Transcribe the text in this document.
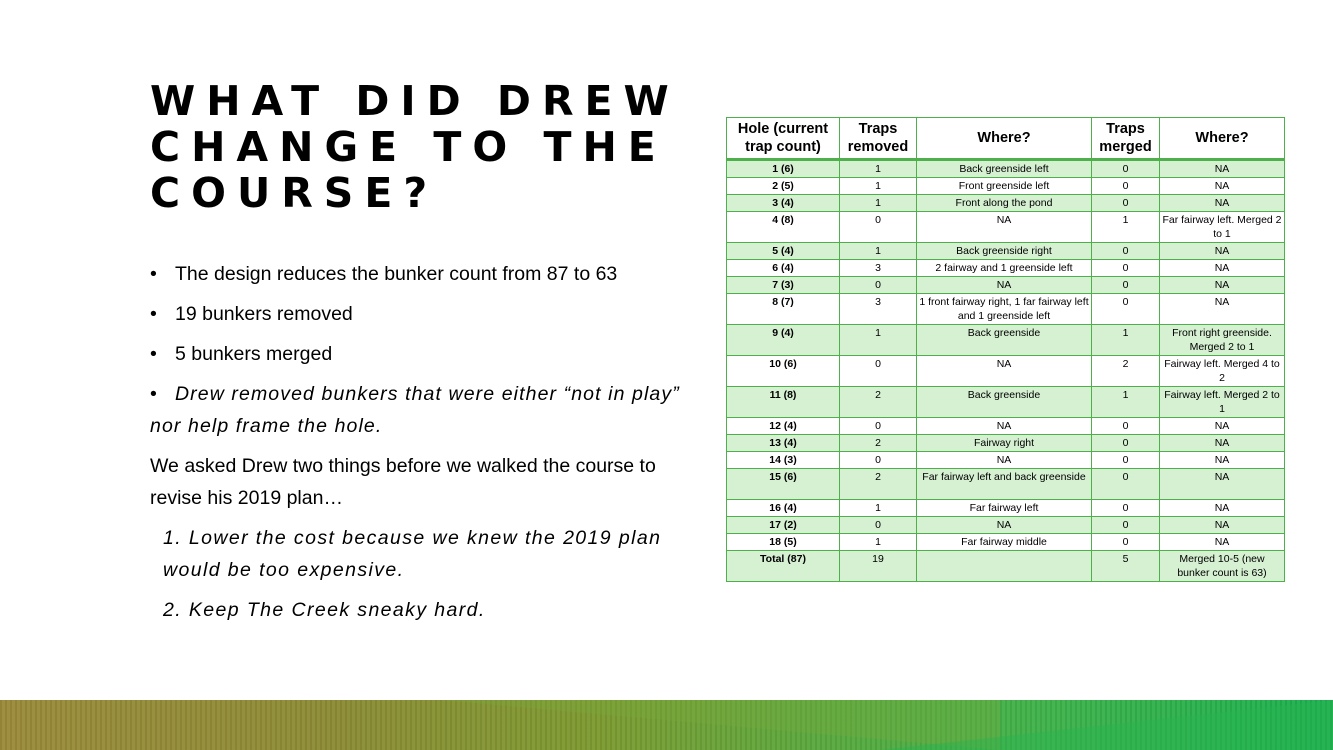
WHAT DID DREW CHANGE TO THE COURSE?
• The design reduces the bunker count from 87 to 63
• 19 bunkers removed
• 5 bunkers merged
• Drew removed bunkers that were either “not in play” nor help frame the hole.

We asked Drew two things before we walked the course to revise his 2019 plan…

1. Lower the cost because we knew the 2019 plan would be too expensive.

2. Keep The Creek sneaky hard.

Hole (current trap count)	Traps removed	Where?	Traps merged	Where?
1 (6)	1	Back greenside left	0	NA
2 (5)	1	Front greenside left	0	NA
3 (4)	1	Front along the pond	0	NA
4 (8)	0	NA	1	Far fairway left. Merged 2 to 1
5 (4)	1	Back greenside right	0	NA
6 (4)	3	2 fairway and 1 greenside left	0	NA
7 (3)	0	NA	0	NA
8 (7)	3	1 front fairway right, 1 far fairway left and 1 greenside left	0	NA
9 (4)	1	Back greenside	1	Front right greenside. Merged 2 to 1
10 (6)	0	NA	2	Fairway left. Merged 4 to 2
11 (8)	2	Back greenside	1	Fairway left. Merged 2 to 1
12 (4)	0	NA	0	NA
13 (4)	2	Fairway right	0	NA
14 (3)	0	NA	0	NA
15 (6)	2	Far fairway left and back greenside	0	NA
16 (4)	1	Far fairway left	0	NA
17 (2)	0	NA	0	NA
18 (5)	1	Far fairway middle	0	NA
Total (87)	19		5	Merged 10-5 (new bunker count is 63)
